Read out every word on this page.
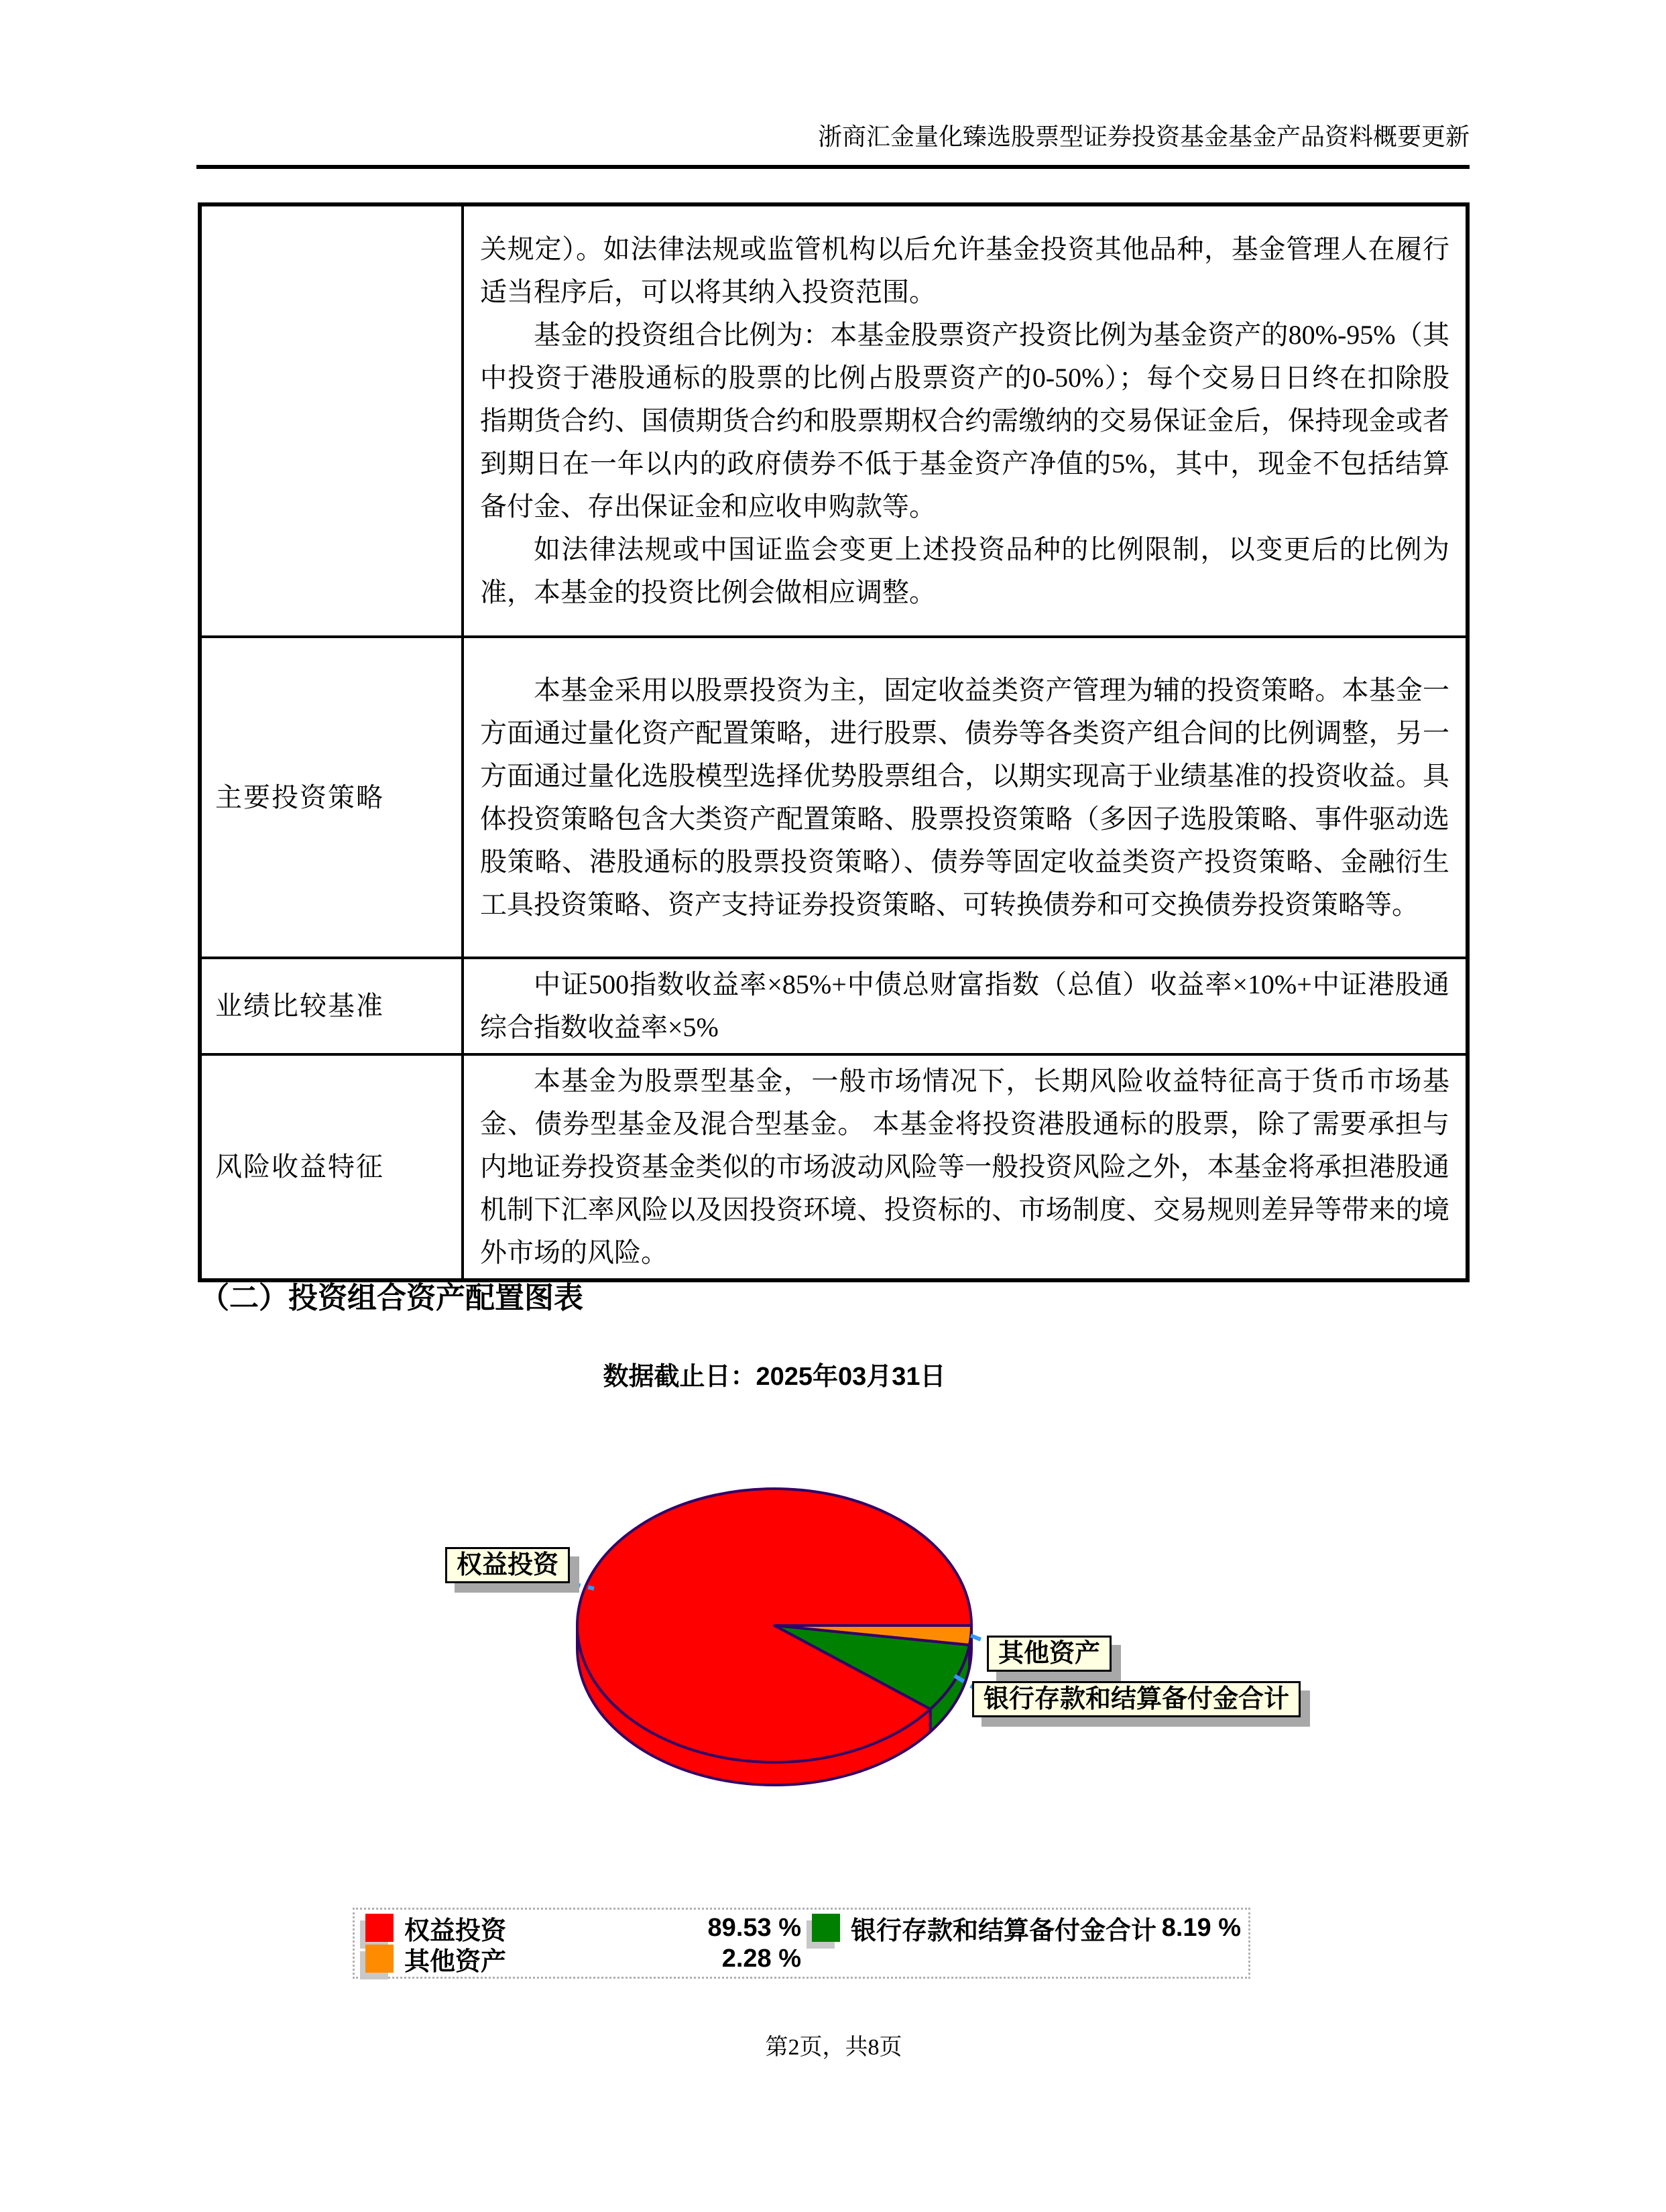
浙商汇金量化臻选股票型证券投资基金基金产品资料概要更新

	关规定）。如法律法规或监管机构以后允许基金投资其他品种，基金管理人在履行适当程序后，可以将其纳入投资范围。

基金的投资组合比例为：本基金股票资产投资比例为基金资产的80%-95%（其中投资于港股通标的股票的比例占股票资产的0-50%）；每个交易日日终在扣除股指期货合约、国债期货合约和股票期权合约需缴纳的交易保证金后，保持现金或者到期日在一年以内的政府债券不低于基金资产净值的5%，其中，现金不包括结算备付金、存出保证金和应收申购款等。

如法律法规或中国证监会变更上述投资品种的比例限制，以变更后的比例为准，本基金的投资比例会做相应调整。

主要投资策略	本基金采用以股票投资为主，固定收益类资产管理为辅的投资策略。本基金一方面通过量化资产配置策略，进行股票、债券等各类资产组合间的比例调整，另一方面通过量化选股模型选择优势股票组合，以期实现高于业绩基准的投资收益。具体投资策略包含大类资产配置策略、股票投资策略（多因子选股策略、事件驱动选股策略、港股通标的股票投资策略）、债券等固定收益类资产投资策略、金融衍生工具投资策略、资产支持证券投资策略、可转换债券和可交换债券投资策略等。

业绩比较基准	中证500指数收益率×85%+中债总财富指数（总值）收益率×10%+中证港股通综合指数收益率×5%

风险收益特征	本基金为股票型基金，一般市场情况下，长期风险收益特征高于货币市场基金、债券型基金及混合型基金。 本基金将投资港股通标的股票，除了需要承担与内地证券投资基金类似的市场波动风险等一般投资风险之外，本基金将承担港股通机制下汇率风险以及因投资环境、投资标的、市场制度、交易规则差异等带来的境外市场的风险。

（二）投资组合资产配置图表
数据截止日：2025年03月31日
权益投资
其他资产
银行存款和结算备付金合计
权益投资	89.53 %
其他资产	2.28 %
银行存款和结算备付金合计 8.19 %
第2页，共8页
